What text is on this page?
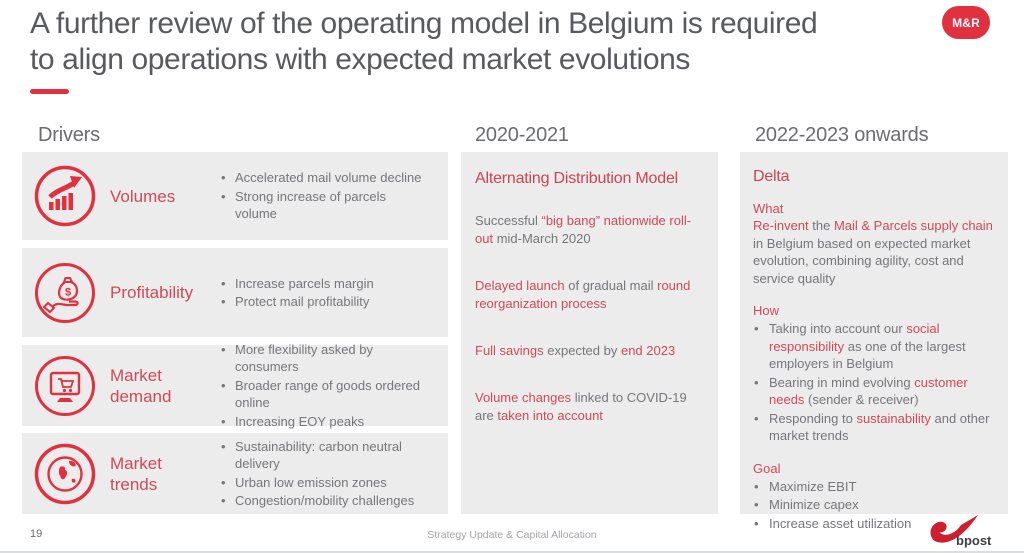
A further review of the operating model in Belgium is required
to align operations with expected market evolutions
M&R
Drivers	2020-2021	2022-2023 onwards
Volumes
• Accelerated mail volume decline
• Strong increase of parcels volume
$ Profitability	• Increase parcels margin
• Protect mail profitability
Market demand
• More flexibility asked by consumers
• Broader range of goods ordered online
• Increasing EOY peaks
Market trends
• Sustainability: carbon neutral delivery
• Urban low emission zones
• Congestion/mobility challenges
Alternating Distribution Model

Successful “big bang” nationwide roll-out mid-March 2020

Delayed launch of gradual mail round reorganization process

Full savings expected by end 2023

Volume changes linked to COVID-19 are taken into account

Delta

What

Re-invent the Mail & Parcels supply chain in Belgium based on expected market evolution, combining agility, cost and service quality

How

• Taking into account our social responsibility as one of the largest employers in Belgium
• Bearing in mind evolving customer needs (sender & receiver)
• Responding to sustainability and other market trends

Goal

• Maximize EBIT
• Minimize capex
• Increase asset utilization
19	Strategy Update & Capital Allocation	bpost
